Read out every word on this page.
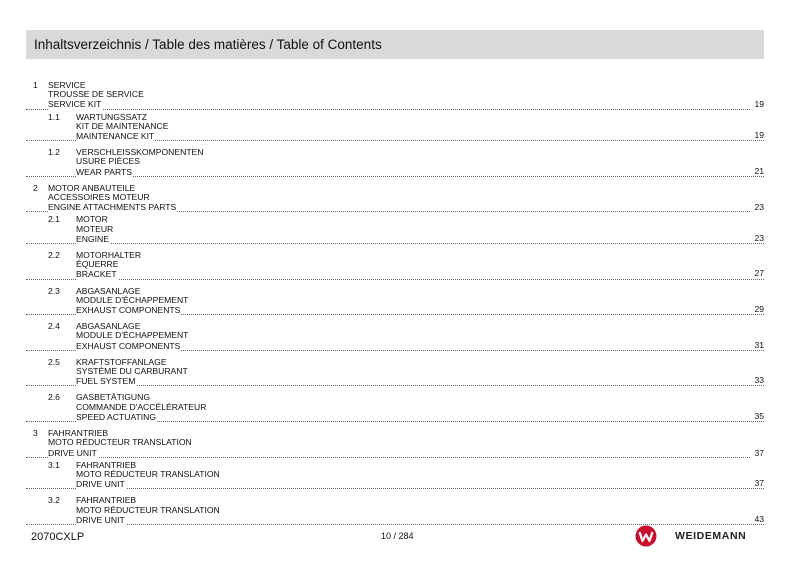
Inhaltsverzeichnis / Table des matières / Table of Contents
1 SERVICE
TROUSSE DE SERVICE
SERVICE KIT	19
1.1 WARTUNGSSATZ
KIT DE MAINTENANCE
MAINTENANCE KIT	19
1.2 VERSCHLEISSKOMPONENTEN
USURE PIÈCES
WEAR PARTS	21
2 MOTOR ANBAUTEILE
ACCESSOIRES MOTEUR
ENGINE ATTACHMENTS PARTS	23
2.1 MOTOR
MOTEUR
ENGINE	23
2.2 MOTORHALTER
ÉQUERRE
BRACKET	27
2.3 ABGASANLAGE
MODULE D'ÉCHAPPEMENT
EXHAUST COMPONENTS	29
2.4 ABGASANLAGE
MODULE D'ÉCHAPPEMENT
EXHAUST COMPONENTS	31
2.5 KRAFTSTOFFANLAGE
SYSTÈME DU CARBURANT
FUEL SYSTEM	33
2.6 GASBETÄTIGUNG
COMMANDE D'ACCÉLÉRATEUR
SPEED ACTUATING	35
3 FAHRANTRIEB
MOTO RÉDUCTEUR TRANSLATION
DRIVE UNIT	37
3.1 FAHRANTRIEB
MOTO RÉDUCTEUR TRANSLATION
DRIVE UNIT	37
3.2 FAHRANTRIEB
MOTO RÉDUCTEUR TRANSLATION
DRIVE UNIT	43
2070CXLP	10 / 284	WEIDEMANN
